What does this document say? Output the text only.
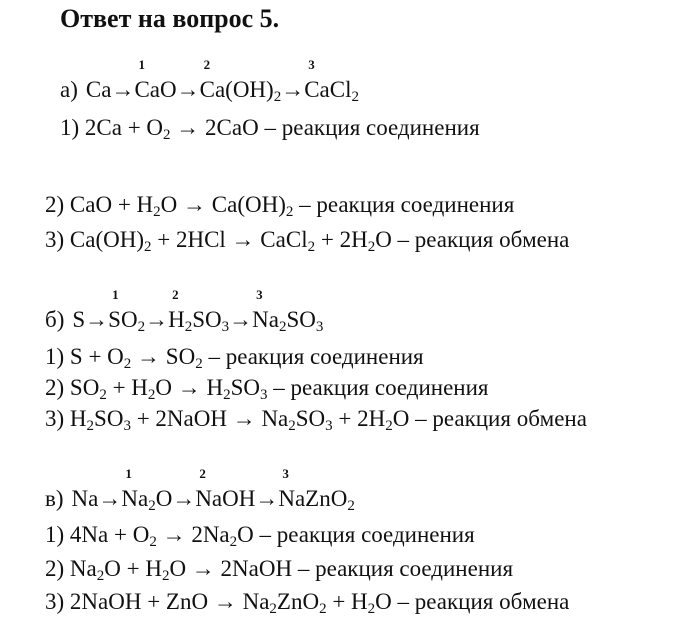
Ответ на вопрос 5.
а) Ca → CaO
1
→ $Ca(OH)_2$
2
→ CaCl$_2$
3
1) $2Ca + O_2 \to 2CaO$ – реакция соединения
2) CaO + $H_2O \to Ca(OH)_2$ – реакция соединения
3) $Ca(OH)_2 + 2HCl$ → CaCl$_2$ + $2H_2O$ – реакция обмена
б) $S \to SO_2$
1
→ $H_2SO_3$
2
→ $Na_2SO_3$
3
1) $S + O_2 \to SO_2$ – реакция соединения
2) $SO_2 + H_2O \to H_2SO_3$ – реакция соединения
3) $H_2SO_3$ + 2NaOH → $Na_2SO_3 + 2H_2O$ – реакция обмена
в) $Na \to Na_2O$
1
→ NaOH
2
→ NaZnO$_2$
3
1) $4Na + O_2 \to 2Na_2O$ – реакция соединения
2) $Na_2O + H_2O$ → 2NaOH – реакция соединения
3) 2NaOH + ZnO → $Na_2ZnO_2 + H_2O$ – реакция обмена
